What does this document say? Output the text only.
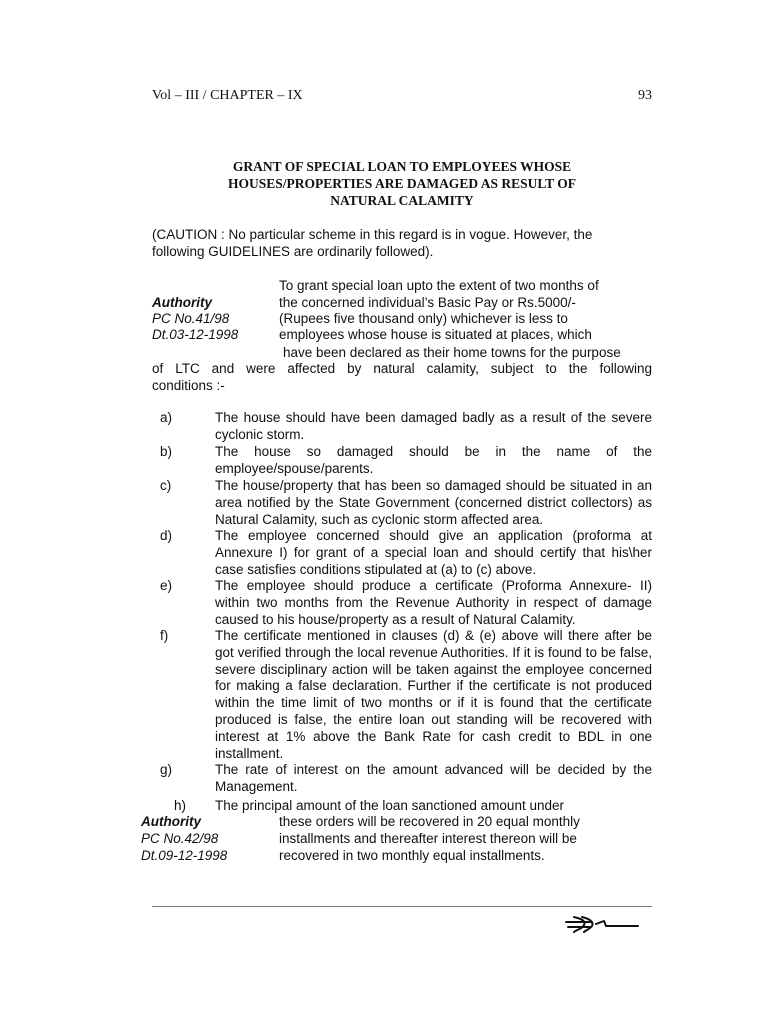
Vol – III / CHAPTER – IX	93
GRANT OF SPECIAL LOAN TO EMPLOYEES WHOSE
HOUSES/PROPERTIES ARE DAMAGED AS RESULT OF
NATURAL CALAMITY
(CAUTION : No particular scheme in this regard is in vogue. However, the
following GUIDELINES are ordinarily followed).
To grant special loan upto the extent of two months of
Authority	the concerned individual’s Basic Pay or Rs.5000/-
PC No.41/98	(Rupees five thousand only) whichever is less to
Dt.03-12-1998	employees whose house is situated at places, which
have been declared as their home towns for the purpose
of LTC and were affected by natural calamity, subject to the following
conditions :-
a)	The house should have been damaged badly as a result of the severe cyclonic storm.
b)	The house so damaged should be in the name of the employee/spouse/parents.
c)	The house/property that has been so damaged should be situated in an area notified by the State Government (concerned district collectors) as Natural Calamity, such as cyclonic storm affected area.
d)	The employee concerned should give an application (proforma at Annexure I) for grant of a special loan and should certify that his\her case satisfies conditions stipulated at (a) to (c) above.
e)	The employee should produce a certificate (Proforma Annexure- II) within two months from the Revenue Authority in respect of damage caused to his house/property as a result of Natural Calamity.
f)	The certificate mentioned in clauses (d) & (e) above will there after be got verified through the local revenue Authorities. If it is found to be false, severe disciplinary action will be taken against the employee concerned for making a false declaration. Further if the certificate is not produced within the time limit of two months or if it is found that the certificate produced is false, the entire loan out standing will be recovered with interest at 1% above the Bank Rate for cash credit to BDL in one installment.
g)	The rate of interest on the amount advanced will be decided by the Management.
h) The principal amount of the loan sanctioned amount under
Authority	these orders will be recovered in 20 equal monthly
PC No.42/98	installments and thereafter interest thereon will be
Dt.09-12-1998	recovered in two monthly equal installments.
